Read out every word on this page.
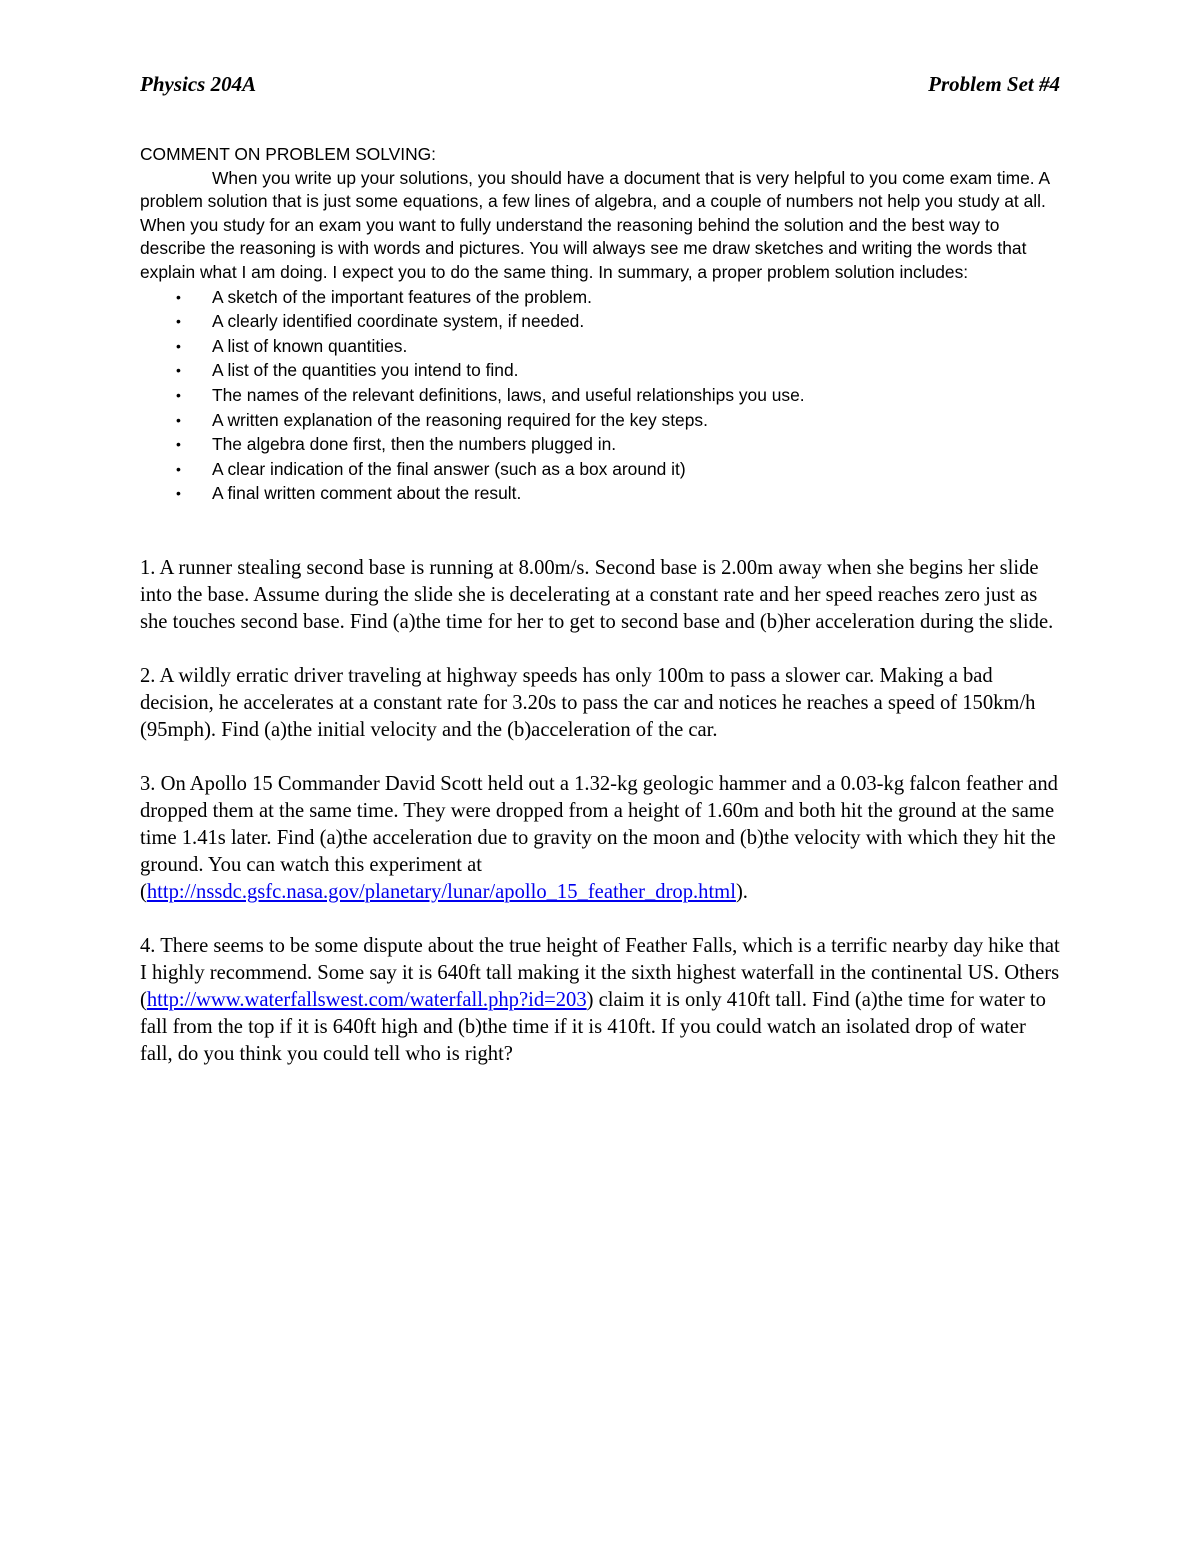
Physics 204A	Problem Set #4

COMMENT ON PROBLEM SOLVING:

When you write up your solutions, you should have a document that is very helpful to you come exam time. A problem solution that is just some equations, a few lines of algebra, and a couple of numbers not help you study at all. When you study for an exam you want to fully understand the reasoning behind the solution and the best way to describe the reasoning is with words and pictures. You will always see me draw sketches and writing the words that explain what I am doing. I expect you to do the same thing. In summary, a proper problem solution includes:

• A sketch of the important features of the problem.
• A clearly identified coordinate system, if needed.
• A list of known quantities.
• A list of the quantities you intend to find.
• The names of the relevant definitions, laws, and useful relationships you use.
• A written explanation of the reasoning required for the key steps.
• The algebra done first, then the numbers plugged in.
• A clear indication of the final answer (such as a box around it)
• A final written comment about the result.

1. A runner stealing second base is running at 8.00m/s. Second base is 2.00m away when she begins her slide into the base. Assume during the slide she is decelerating at a constant rate and her speed reaches zero just as she touches second base. Find (a)the time for her to get to second base and (b)her acceleration during the slide.

2. A wildly erratic driver traveling at highway speeds has only 100m to pass a slower car. Making a bad decision, he accelerates at a constant rate for 3.20s to pass the car and notices he reaches a speed of 150km/h (95mph). Find (a)the initial velocity and the (b)acceleration of the car.

3. On Apollo 15 Commander David Scott held out a 1.32-kg geologic hammer and a 0.03-kg falcon feather and dropped them at the same time. They were dropped from a height of 1.60m and both hit the ground at the same time 1.41s later. Find (a)the acceleration due to gravity on the moon and (b)the velocity with which they hit the ground. You can watch this experiment at (http://nssdc.gsfc.nasa.gov/planetary/lunar/apollo_15_feather_drop.html).

4. There seems to be some dispute about the true height of Feather Falls, which is a terrific nearby day hike that I highly recommend. Some say it is 640ft tall making it the sixth highest waterfall in the continental US. Others (http://www.waterfallswest.com/waterfall.php?id=203) claim it is only 410ft tall. Find (a)the time for water to fall from the top if it is 640ft high and (b)the time if it is 410ft. If you could watch an isolated drop of water fall, do you think you could tell who is right?
